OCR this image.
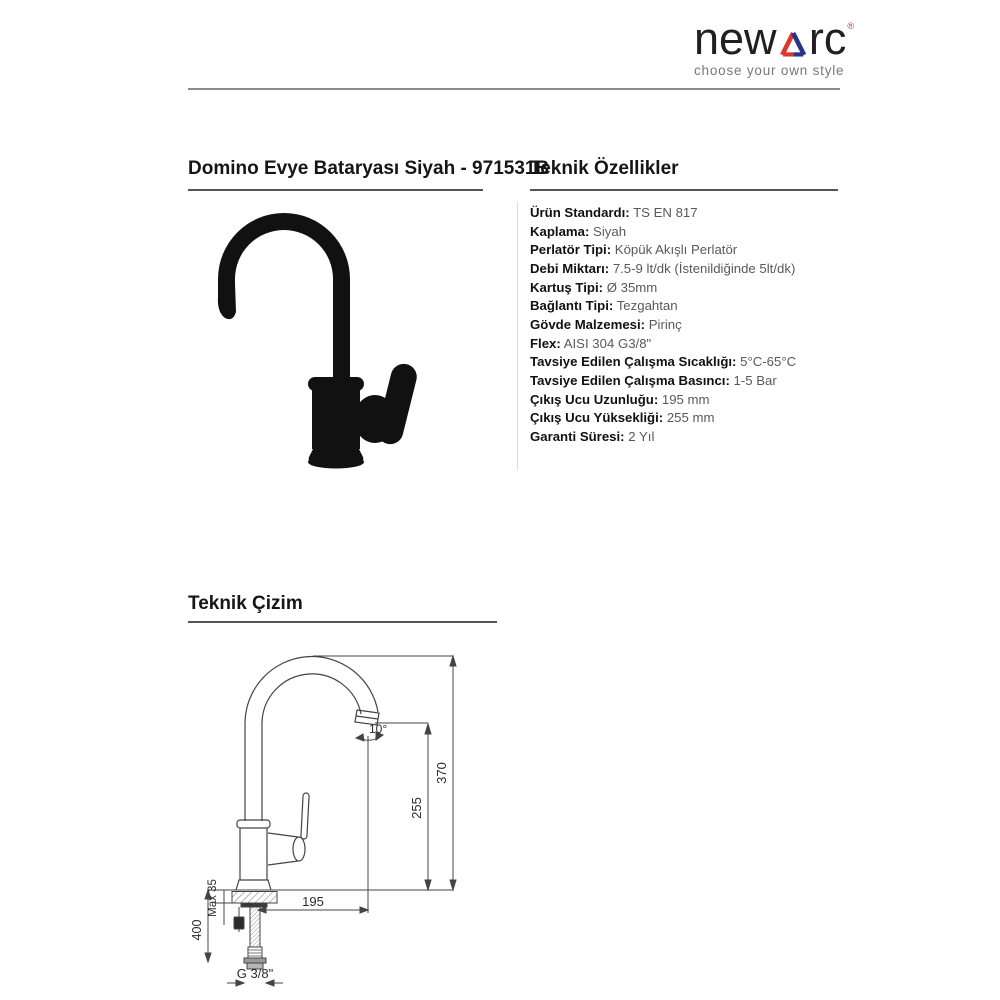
new rc ®
choose your own style
Domino Evye Bataryası Siyah - 971531B
Teknik Özellikler
Ürün Standardı: TS EN 817
Kaplama: Siyah
Perlatör Tipi: Köpük Akışlı Perlatör
Debi Miktarı: 7.5-9 lt/dk (İstenildiğinde 5lt/dk)
Kartuş Tipi: Ø 35mm
Bağlantı Tipi: Tezgahtan
Gövde Malzemesi: Pirinç
Flex: AISI 304 G3/8"
Tavsiye Edilen Çalışma Sıcaklığı: 5°C-65°C
Tavsiye Edilen Çalışma Basıncı: 1-5 Bar
Çıkış Ucu Uzunluğu: 195 mm
Çıkış Ucu Yüksekliği: 255 mm
Garanti Süresi: 2 Yıl
Teknik Çizim
370
255
195
10°
Max 35
400
G 3/8"
